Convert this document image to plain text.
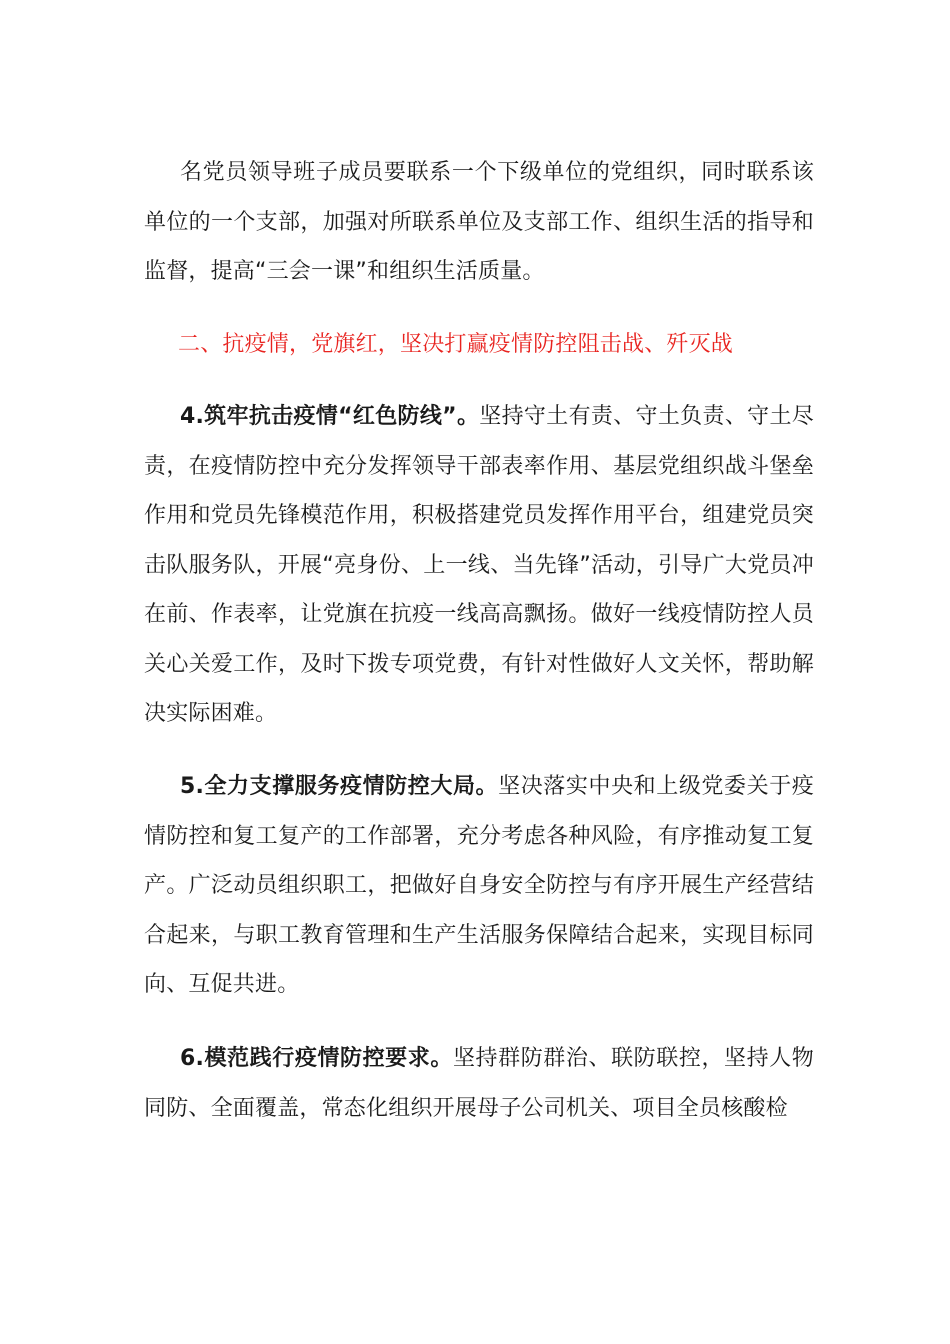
名党员领导班子成员要联系一个下级单位的党组织，同时联系该单位的一个支部，加强对所联系单位及支部工作、组织生活的指导和监督，提高“三会一课”和组织生活质量。

二、抗疫情，党旗红，坚决打赢疫情防控阻击战、歼灭战

4.筑牢抗击疫情“红色防线”。坚持守土有责、守土负责、守土尽责，在疫情防控中充分发挥领导干部表率作用、基层党组织战斗堡垒作用和党员先锋模范作用，积极搭建党员发挥作用平台，组建党员突击队服务队，开展“亮身份、上一线、当先锋”活动，引导广大党员冲在前、作表率，让党旗在抗疫一线高高飘扬。做好一线疫情防控人员关心关爱工作，及时下拨专项党费，有针对性做好人文关怀，帮助解决实际困难。

5.全力支撑服务疫情防控大局。坚决落实中央和上级党委关于疫情防控和复工复产的工作部署，充分考虑各种风险，有序推动复工复产。广泛动员组织职工，把做好自身安全防控与有序开展生产经营结合起来，与职工教育管理和生产生活服务保障结合起来，实现目标同向、互促共进。

6.模范践行疫情防控要求。坚持群防群治、联防联控，坚持人物同防、全面覆盖，常态化组织开展母子公司机关、项目全员核酸检
